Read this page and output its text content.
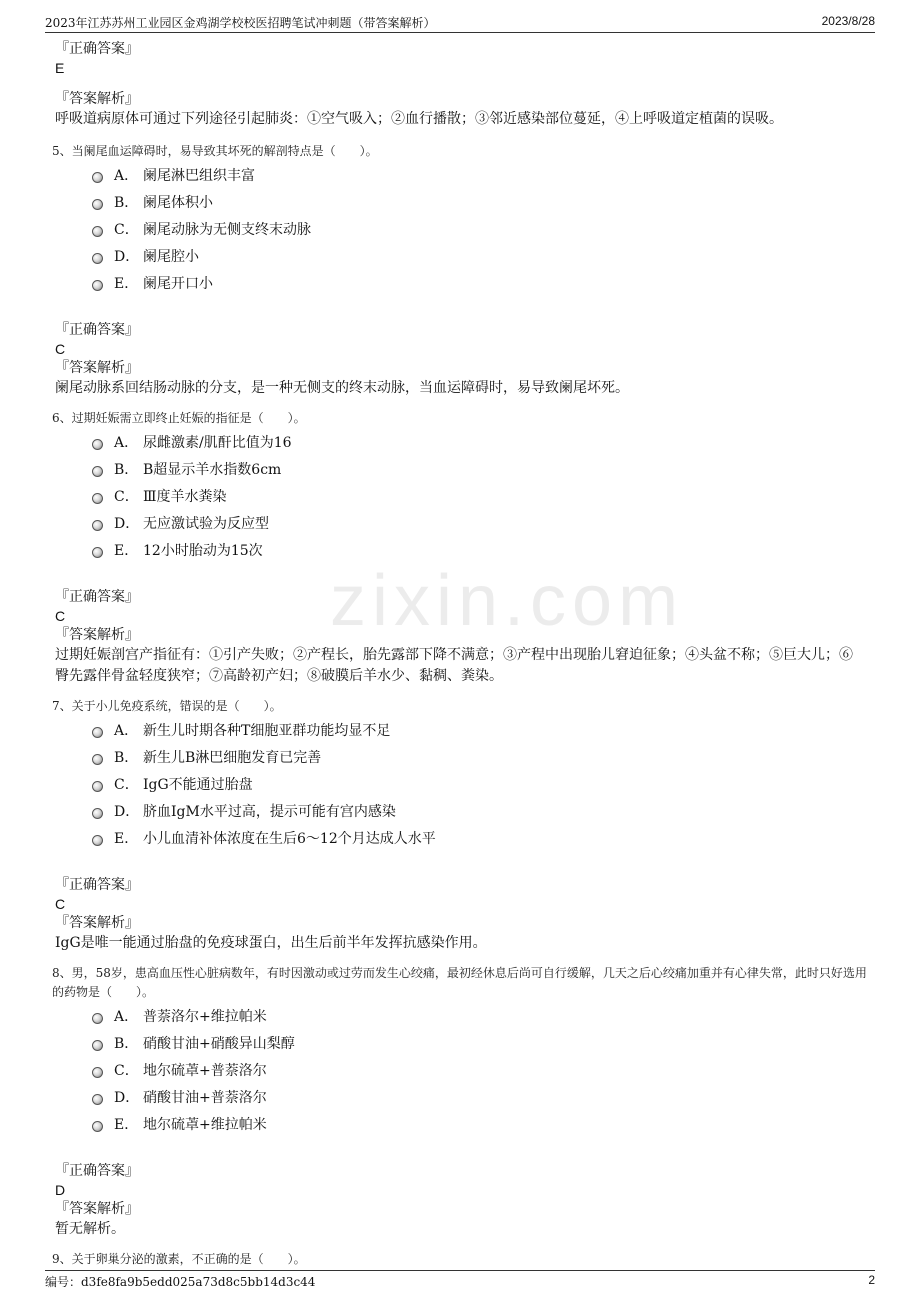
2023年江苏苏州工业园区金鸡湖学校校医招聘笔试冲刺题（带答案解析）	2023/8/28
zixin.com
『正确答案』
E
『答案解析』
呼吸道病原体可通过下列途径引起肺炎：①空气吸入；②血行播散；③邻近感染部位蔓延，④上呼吸道定植菌的误吸。
5、当阑尾血运障碍时，易导致其坏死的解剖特点是（　　）。
A． 阑尾淋巴组织丰富
B． 阑尾体积小
C． 阑尾动脉为无侧支终末动脉
D． 阑尾腔小
E． 阑尾开口小
『正确答案』
C
『答案解析』
阑尾动脉系回结肠动脉的分支，是一种无侧支的终末动脉，当血运障碍时，易导致阑尾坏死。
6、过期妊娠需立即终止妊娠的指征是（　　）。
A． 尿雌激素/肌酐比值为16
B． B超显示羊水指数6cm
C． Ⅲ度羊水粪染
D． 无应激试验为反应型
E． 12小时胎动为15次
『正确答案』
C
『答案解析』
过期妊娠剖宫产指征有：①引产失败；②产程长，胎先露部下降不满意；③产程中出现胎儿窘迫征象；④头盆不称；⑤巨大儿；⑥臀先露伴骨盆轻度狭窄；⑦高龄初产妇；⑧破膜后羊水少、黏稠、粪染。
7、关于小儿免疫系统，错误的是（　　）。
A． 新生儿时期各种T细胞亚群功能均显不足
B． 新生儿B淋巴细胞发育已完善
C． IgG不能通过胎盘
D． 脐血IgM水平过高，提示可能有宫内感染
E． 小儿血清补体浓度在生后6～12个月达成人水平
『正确答案』
C
『答案解析』
IgG是唯一能通过胎盘的免疫球蛋白，出生后前半年发挥抗感染作用。
8、男，58岁，患高血压性心脏病数年，有时因激动或过劳而发生心绞痛，最初经休息后尚可自行缓解，几天之后心绞痛加重并有心律失常，此时只好选用的药物是（　　）。
A． 普萘洛尔+维拉帕米
B． 硝酸甘油+硝酸异山梨醇
C． 地尔硫䓬+普萘洛尔
D． 硝酸甘油+普萘洛尔
E． 地尔硫䓬+维拉帕米
『正确答案』
D
『答案解析』
暂无解析。
9、关于卵巢分泌的激素，不正确的是（　　）。
编号：d3fe8fa9b5edd025a73d8c5bb14d3c44	2
